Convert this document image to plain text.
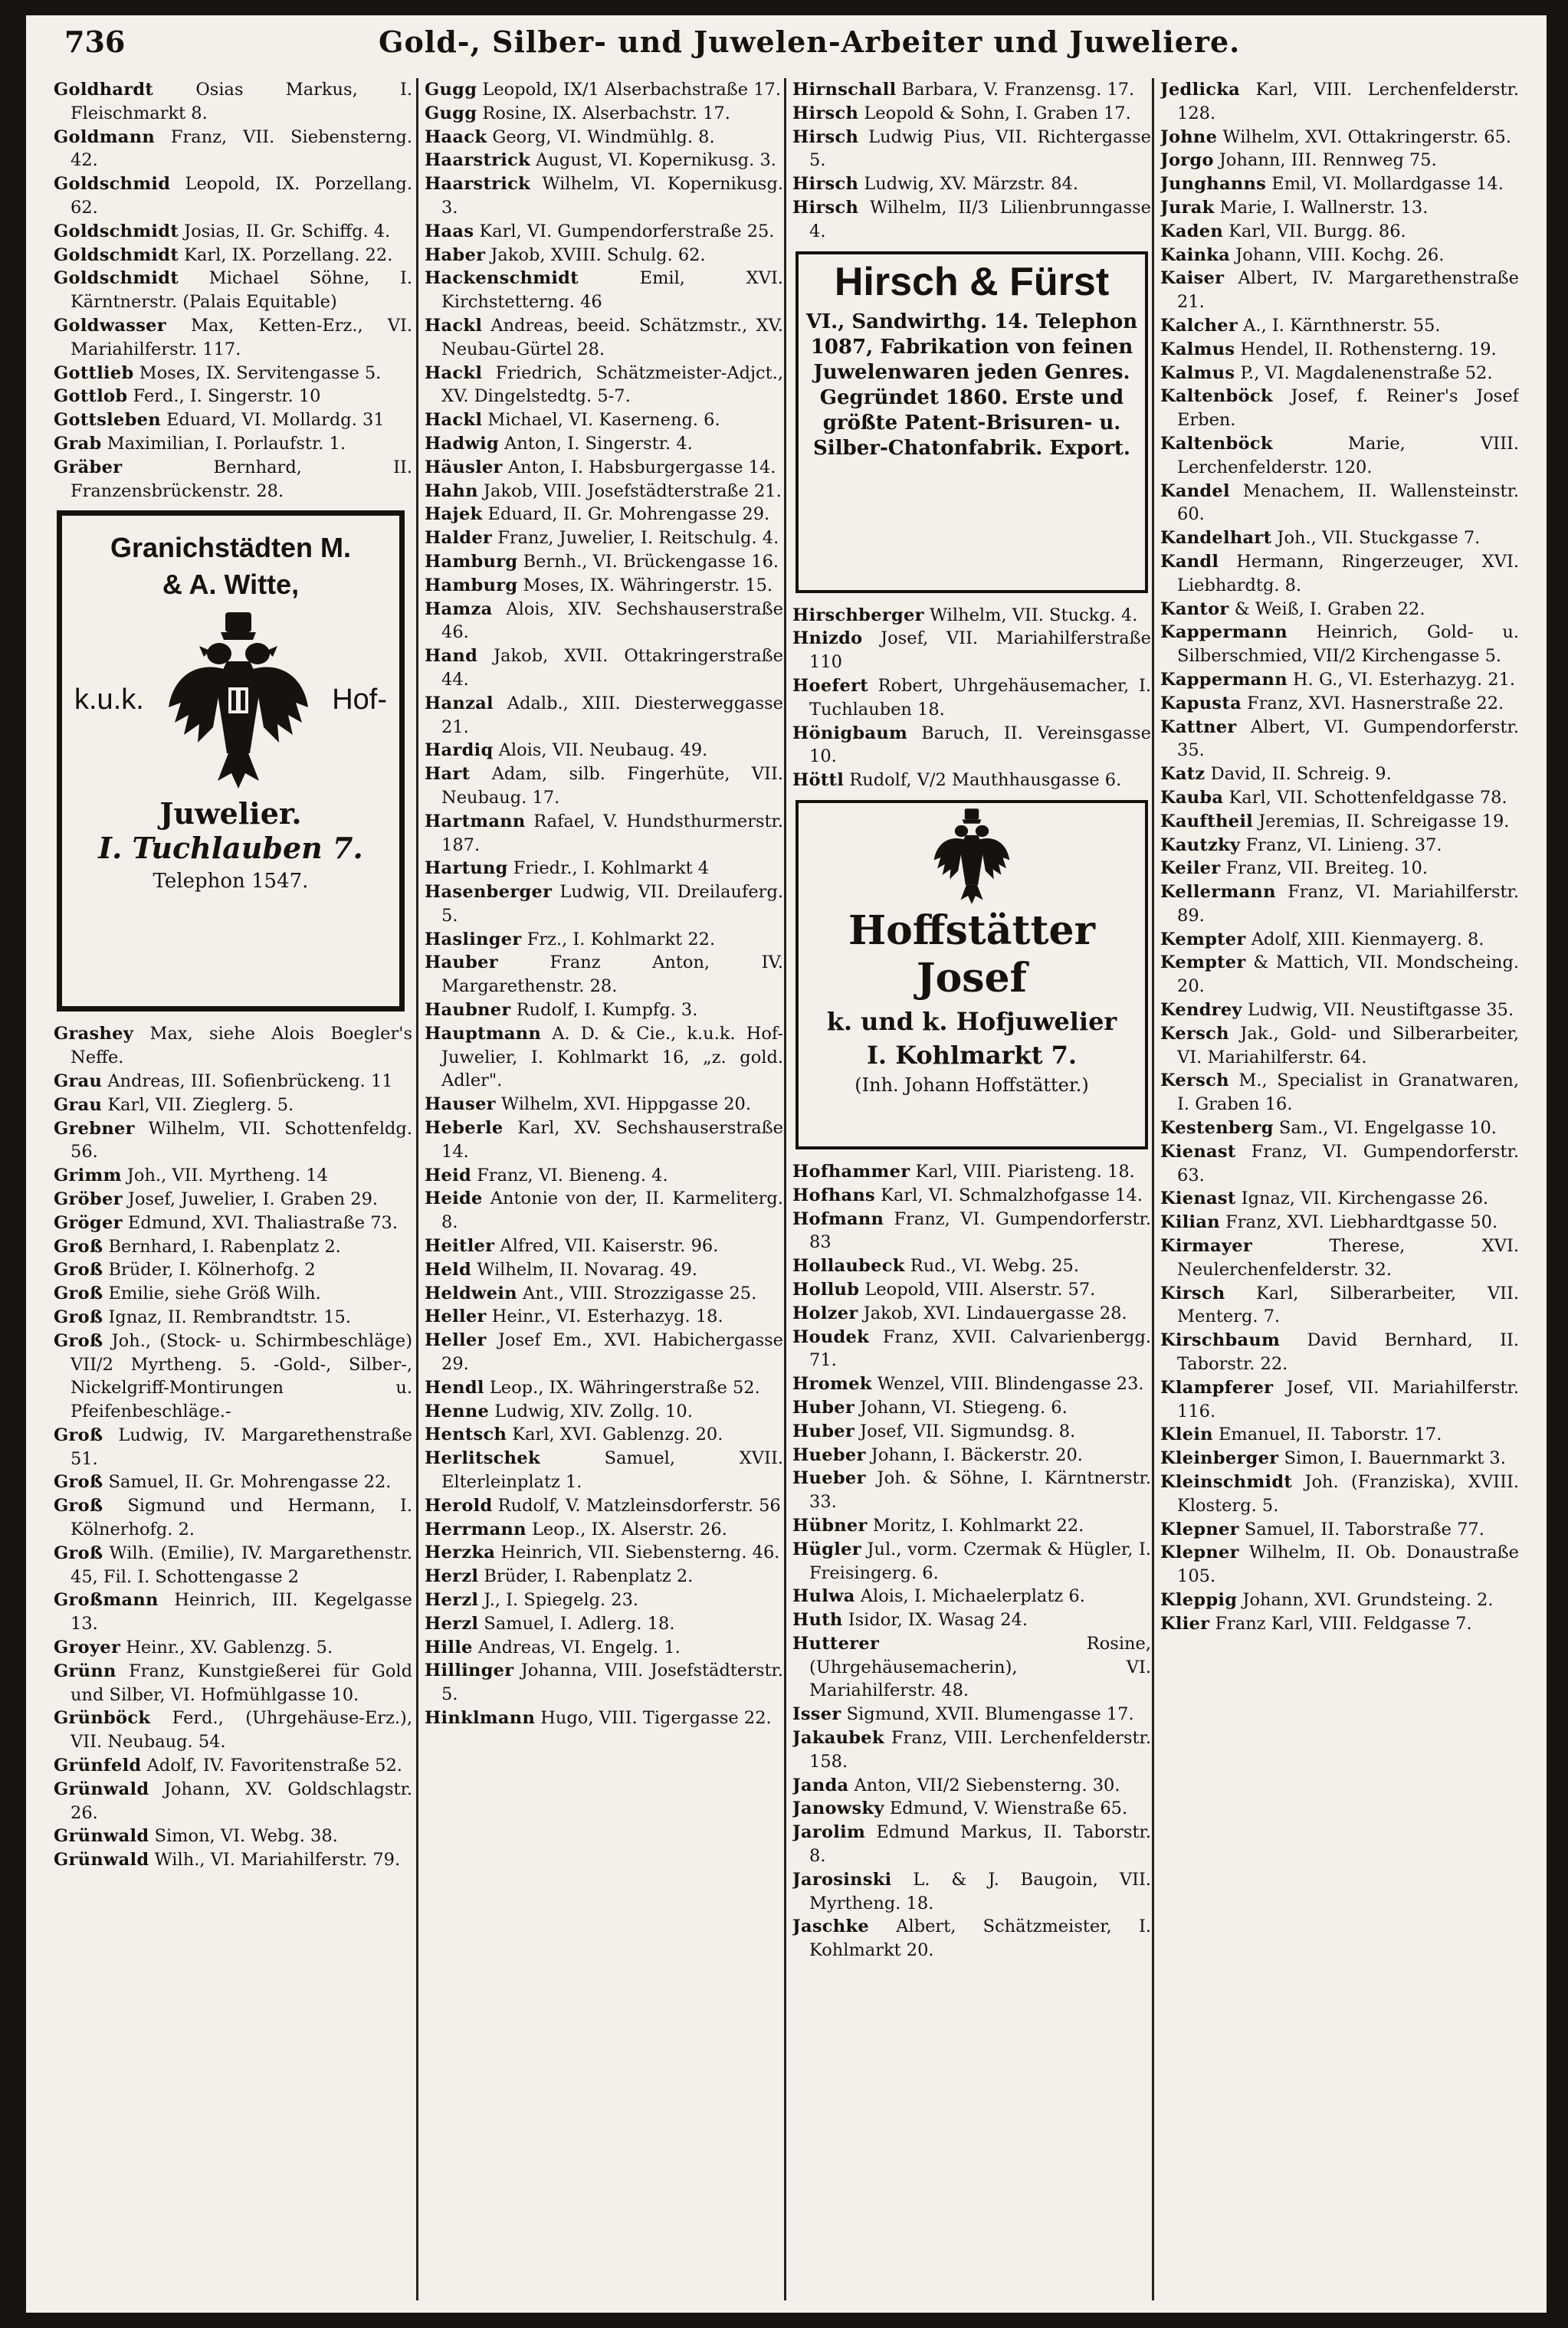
736	Gold-, Silber- und Juwelen-Arbeiter und Juweliere.
Goldhardt Osias Markus, I. Fleischmarkt 8.
Goldmann Franz, VII. Siebensterng. 42.
Goldschmid Leopold, IX. Porzellang. 62.
Goldschmidt Josias, II. Gr. Schiffg. 4.
Goldschmidt Karl, IX. Porzellang. 22.
Goldschmidt Michael Söhne, I. Kärntnerstr. (Palais Equitable)
Goldwasser Max, Ketten-Erz., VI. Mariahilferstr. 117.
Gottlieb Moses, IX. Servitengasse 5.
Gottlob Ferd., I. Singerstr. 10
Gottsleben Eduard, VI. Mollardg. 31
Grab Maximilian, I. Porlaufstr. 1.
Gräber Bernhard, II. Franzensbrückenstr. 28.
Granichstädten M.
& A. Witte,
k.u.k.	Hof-
Juwelier.
I. Tuchlauben 7.
Telephon 1547.
Grashey Max, siehe Alois Boegler's Neffe.
Grau Andreas, III. Sofienbrückeng. 11
Grau Karl, VII. Zieglerg. 5.
Grebner Wilhelm, VII. Schottenfeldg. 56.
Grimm Joh., VII. Myrtheng. 14
Gröber Josef, Juwelier, I. Graben 29.
Gröger Edmund, XVI. Thaliastraße 73.
Groß Bernhard, I. Rabenplatz 2.
Groß Brüder, I. Kölnerhofg. 2
Groß Emilie, siehe Größ Wilh.
Groß Ignaz, II. Rembrandtstr. 15.
Groß Joh., (Stock- u. Schirmbeschläge) VII/2 Myrtheng. 5. -Gold-, Silber-, Nickelgriff-Montirungen u. Pfeifenbeschläge.-
Groß Ludwig, IV. Margarethenstraße 51.
Groß Samuel, II. Gr. Mohrengasse 22.
Groß Sigmund und Hermann, I. Kölnerhofg. 2.
Groß Wilh. (Emilie), IV. Margarethenstr. 45, Fil. I. Schottengasse 2
Großmann Heinrich, III. Kegelgasse 13.
Groyer Heinr., XV. Gablenzg. 5.
Grünn Franz, Kunstgießerei für Gold und Silber, VI. Hofmühlgasse 10.
Grünböck Ferd., (Uhrgehäuse-Erz.), VII. Neubaug. 54.
Grünfeld Adolf, IV. Favoritenstraße 52.
Grünwald Johann, XV. Goldschlagstr. 26.
Grünwald Simon, VI. Webg. 38.
Grünwald Wilh., VI. Mariahilferstr. 79.
Gugg Leopold, IX/1 Alserbachstraße 17.
Gugg Rosine, IX. Alserbachstr. 17.
Haack Georg, VI. Windmühlg. 8.
Haarstrick August, VI. Kopernikusg. 3.
Haarstrick Wilhelm, VI. Kopernikusg. 3.
Haas Karl, VI. Gumpendorferstraße 25.
Haber Jakob, XVIII. Schulg. 62.
Hackenschmidt Emil, XVI. Kirchstetterng. 46
Hackl Andreas, beeid. Schätzmstr., XV. Neubau-Gürtel 28.
Hackl Friedrich, Schätzmeister-Adjct., XV. Dingelstedtg. 5-7.
Hackl Michael, VI. Kaserneng. 6.
Hadwig Anton, I. Singerstr. 4.
Häusler Anton, I. Habsburgergasse 14.
Hahn Jakob, VIII. Josefstädterstraße 21.
Hajek Eduard, II. Gr. Mohrengasse 29.
Halder Franz, Juwelier, I. Reitschulg. 4.
Hamburg Bernh., VI. Brückengasse 16.
Hamburg Moses, IX. Währingerstr. 15.
Hamza Alois, XIV. Sechshauserstraße 46.
Hand Jakob, XVII. Ottakringerstraße 44.
Hanzal Adalb., XIII. Diesterweggasse 21.
Hardiq Alois, VII. Neubaug. 49.
Hart Adam, silb. Fingerhüte, VII. Neubaug. 17.
Hartmann Rafael, V. Hundsthurmerstr. 187.
Hartung Friedr., I. Kohlmarkt 4
Hasenberger Ludwig, VII. Dreilauferg. 5.
Haslinger Frz., I. Kohlmarkt 22.
Hauber Franz Anton, IV. Margarethenstr. 28.
Haubner Rudolf, I. Kumpfg. 3.
Hauptmann A. D. & Cie., k.u.k. Hof-Juwelier, I. Kohlmarkt 16, „z. gold. Adler".
Hauser Wilhelm, XVI. Hippgasse 20.
Heberle Karl, XV. Sechshauserstraße 14.
Heid Franz, VI. Bieneng. 4.
Heide Antonie von der, II. Karmeliterg. 8.
Heitler Alfred, VII. Kaiserstr. 96.
Held Wilhelm, II. Novarag. 49.
Heldwein Ant., VIII. Strozzigasse 25.
Heller Heinr., VI. Esterhazyg. 18.
Heller Josef Em., XVI. Habichergasse 29.
Hendl Leop., IX. Währingerstraße 52.
Henne Ludwig, XIV. Zollg. 10.
Hentsch Karl, XVI. Gablenzg. 20.
Herlitschek Samuel, XVII. Elterleinplatz 1.
Herold Rudolf, V. Matzleinsdorferstr. 56
Herrmann Leop., IX. Alserstr. 26.
Herzka Heinrich, VII. Siebensterng. 46.
Herzl Brüder, I. Rabenplatz 2.
Herzl J., I. Spiegelg. 23.
Herzl Samuel, I. Adlerg. 18.
Hille Andreas, VI. Engelg. 1.
Hillinger Johanna, VIII. Josefstädterstr. 5.
Hinklmann Hugo, VIII. Tigergasse 22.
Hirnschall Barbara, V. Franzensg. 17.
Hirsch Leopold & Sohn, I. Graben 17.
Hirsch Ludwig Pius, VII. Richtergasse 5.
Hirsch Ludwig, XV. Märzstr. 84.
Hirsch Wilhelm, II/3 Lilienbrunngasse 4.
Hirsch & Fürst
VI., Sandwirthg. 14. Telephon 1087, Fabrikation von feinen Juwelenwaren jeden Genres. Gegründet 1860. Erste und größte Patent-Brisuren- u. Silber-Chatonfabrik. Export.
Hirschberger Wilhelm, VII. Stuckg. 4.
Hnizdo Josef, VII. Mariahilferstraße 110
Hoefert Robert, Uhrgehäusemacher, I. Tuchlauben 18.
Hönigbaum Baruch, II. Vereinsgasse 10.
Höttl Rudolf, V/2 Mauthhausgasse 6.
Hoffstätter Josef
k. und k. Hofjuwelier
I. Kohlmarkt 7.
(Inh. Johann Hoffstätter.)
Hofhammer Karl, VIII. Piaristeng. 18.
Hofhans Karl, VI. Schmalzhofgasse 14.
Hofmann Franz, VI. Gumpendorferstr. 83
Hollaubeck Rud., VI. Webg. 25.
Hollub Leopold, VIII. Alserstr. 57.
Holzer Jakob, XVI. Lindauergasse 28.
Houdek Franz, XVII. Calvarienbergg. 71.
Hromek Wenzel, VIII. Blindengasse 23.
Huber Johann, VI. Stiegeng. 6.
Huber Josef, VII. Sigmundsg. 8.
Hueber Johann, I. Bäckerstr. 20.
Hueber Joh. & Söhne, I. Kärntnerstr. 33.
Hübner Moritz, I. Kohlmarkt 22.
Hügler Jul., vorm. Czermak & Hügler, I. Freisingerg. 6.
Hulwa Alois, I. Michaelerplatz 6.
Huth Isidor, IX. Wasag 24.
Hutterer Rosine, (Uhrgehäusemacherin), VI. Mariahilferstr. 48.
Isser Sigmund, XVII. Blumengasse 17.
Jakaubek Franz, VIII. Lerchenfelderstr. 158.
Janda Anton, VII/2 Siebensterng. 30.
Janowsky Edmund, V. Wienstraße 65.
Jarolim Edmund Markus, II. Taborstr. 8.
Jarosinski L. & J. Baugoin, VII. Myrtheng. 18.
Jaschke Albert, Schätzmeister, I. Kohlmarkt 20.
Jedlicka Karl, VIII. Lerchenfelderstr. 128.
Johne Wilhelm, XVI. Ottakringerstr. 65.
Jorgo Johann, III. Rennweg 75.
Junghanns Emil, VI. Mollardgasse 14.
Jurak Marie, I. Wallnerstr. 13.
Kaden Karl, VII. Burgg. 86.
Kainka Johann, VIII. Kochg. 26.
Kaiser Albert, IV. Margarethenstraße 21.
Kalcher A., I. Kärnthnerstr. 55.
Kalmus Hendel, II. Rothensterng. 19.
Kalmus P., VI. Magdalenenstraße 52.
Kaltenböck Josef, f. Reiner's Josef Erben.
Kaltenböck Marie, VIII. Lerchenfelderstr. 120.
Kandel Menachem, II. Wallensteinstr. 60.
Kandelhart Joh., VII. Stuckgasse 7.
Kandl Hermann, Ringerzeuger, XVI. Liebhardtg. 8.
Kantor & Weiß, I. Graben 22.
Kappermann Heinrich, Gold- u. Silberschmied, VII/2 Kirchengasse 5.
Kappermann H. G., VI. Esterhazyg. 21.
Kapusta Franz, XVI. Hasnerstraße 22.
Kattner Albert, VI. Gumpendorferstr. 35.
Katz David, II. Schreig. 9.
Kauba Karl, VII. Schottenfeldgasse 78.
Kauftheil Jeremias, II. Schreigasse 19.
Kautzky Franz, VI. Linieng. 37.
Keiler Franz, VII. Breiteg. 10.
Kellermann Franz, VI. Mariahilferstr. 89.
Kempter Adolf, XIII. Kienmayerg. 8.
Kempter & Mattich, VII. Mondscheing. 20.
Kendrey Ludwig, VII. Neustiftgasse 35.
Kersch Jak., Gold- und Silberarbeiter, VI. Mariahilferstr. 64.
Kersch M., Specialist in Granatwaren, I. Graben 16.
Kestenberg Sam., VI. Engelgasse 10.
Kienast Franz, VI. Gumpendorferstr. 63.
Kienast Ignaz, VII. Kirchengasse 26.
Kilian Franz, XVI. Liebhardtgasse 50.
Kirmayer Therese, XVI. Neulerchenfelderstr. 32.
Kirsch Karl, Silberarbeiter, VII. Menterg. 7.
Kirschbaum David Bernhard, II. Taborstr. 22.
Klampferer Josef, VII. Mariahilferstr. 116.
Klein Emanuel, II. Taborstr. 17.
Kleinberger Simon, I. Bauernmarkt 3.
Kleinschmidt Joh. (Franziska), XVIII. Klosterg. 5.
Klepner Samuel, II. Taborstraße 77.
Klepner Wilhelm, II. Ob. Donaustraße 105.
Kleppig Johann, XVI. Grundsteing. 2.
Klier Franz Karl, VIII. Feldgasse 7.
